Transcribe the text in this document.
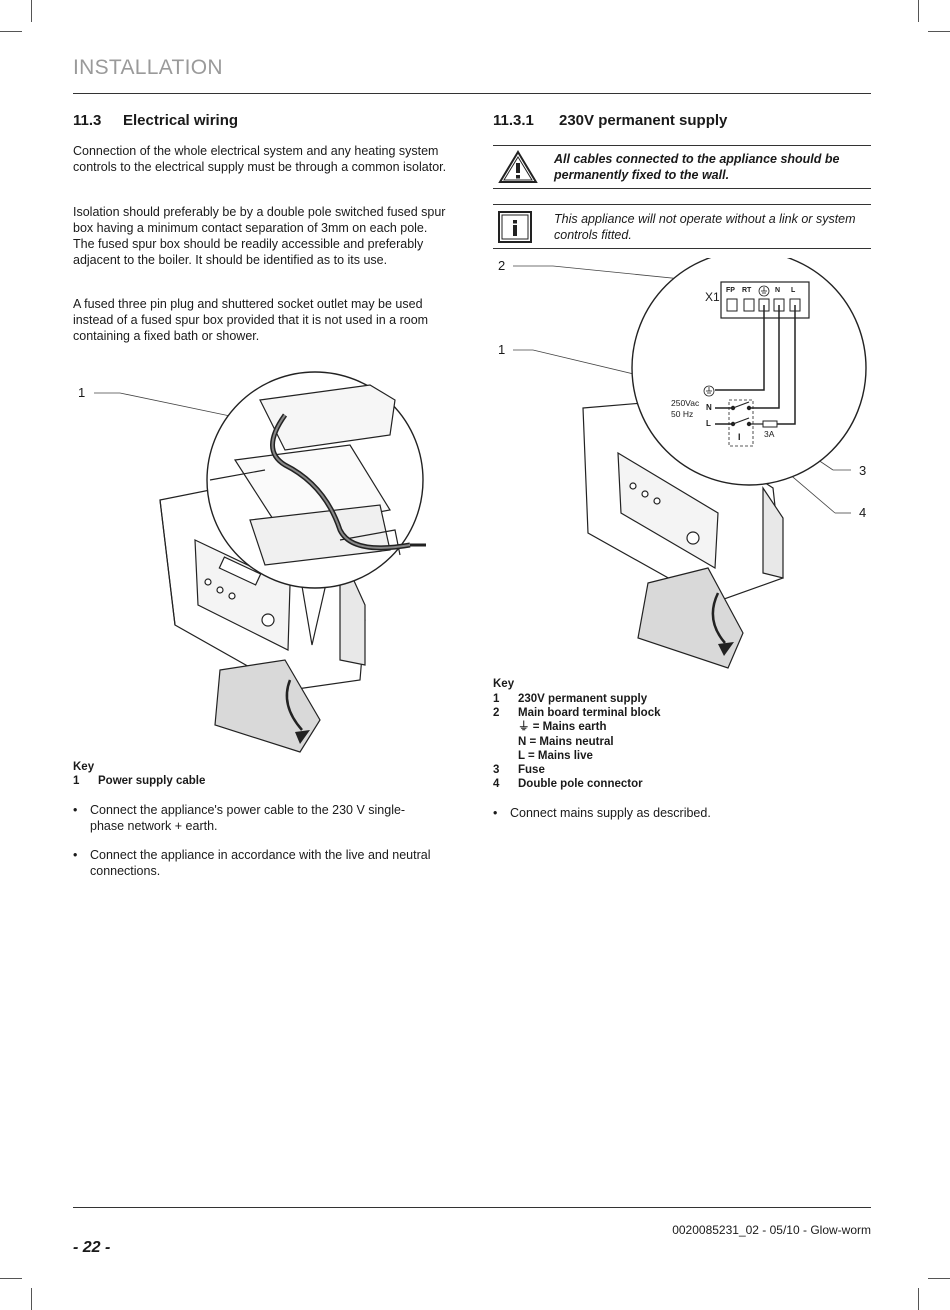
INSTALLATION
11.3 Electrical wiring

Connection of the whole electrical system and any heating system controls to the electrical supply must be through a common isolator.

Isolation should preferably be by a double pole switched fused spur box having a minimum contact separation of 3mm on each pole. The fused spur box should be readily accessible and preferably adjacent to the boiler. It should be identified as to its use.

A fused three pin plug and shuttered socket outlet may be used instead of a fused spur box provided that it is not used in a room containing a fixed bath or shower.

1
Key
1 Power supply cable
• Connect the appliance's power cable to the 230 V single-phase network + earth.
• Connect the appliance in accordance with the live and neutral connections.
11.3.1 230V permanent supply
All cables connected to the appliance should be permanently fixed to the wall.
This appliance will not operate without a link or system controls fitted.
2
1
3
4
X1 FP RT	N L
250Vac
50 Hz
N
L
3A
I
Key
1 230V permanent supply
2 Main board terminal block
⏚ = Mains earth
N = Mains neutral
L = Mains live
3 Fuse
4 Double pole connector
• Connect mains supply as described.
0020085231_02 - 05/10 - Glow-worm
- 22 -
